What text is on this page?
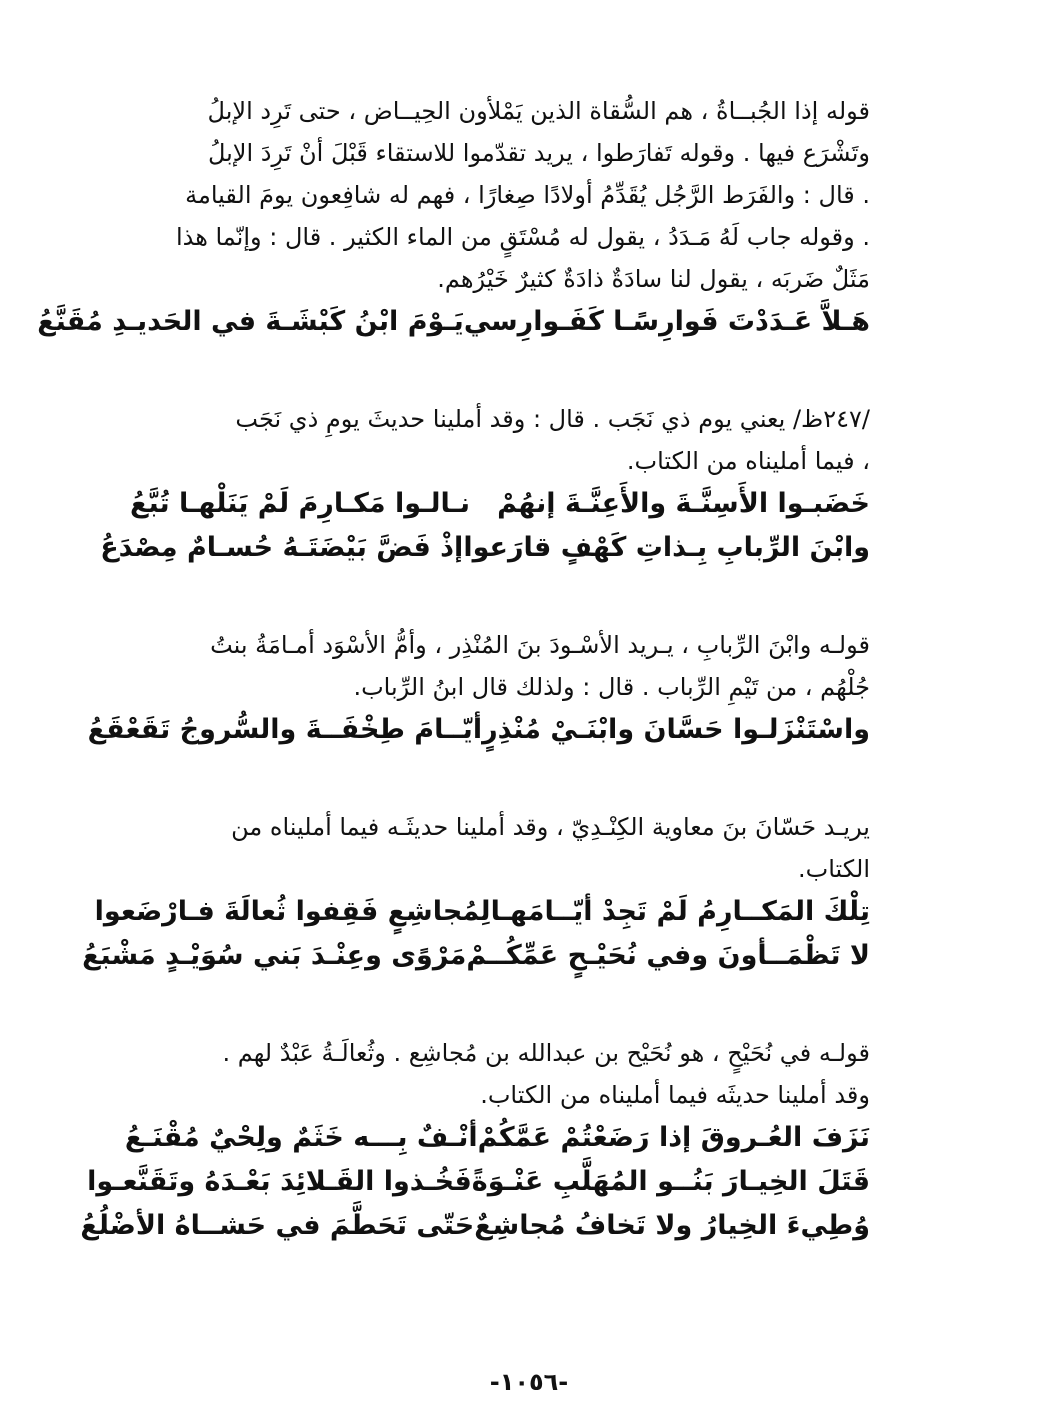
قوله إذا الجُبــاةُ ، هم السُّقاة الذين يَمْلأون الحِيــاض ، حتى تَرِد الإبلُ

وتَشْرَع فيها . وقوله تَفارَطوا ، يريد تقدّموا للاستقاء قَبْلَ أنْ تَرِدَ الإبلُ

. قال : والفَرَط الرَّجُل يُقَدِّمُ أولادًا صِغارًا ، فهم له شافِعون يومَ القيامة

. وقوله جاب لَهُ مَـدَدُ ، يقول له مُسْتَقٍ من الماء الكثير . قال : وإنّما هذا

مَثَلٌ ضَربَه ، يقول لنا سادَةٌ ذادَةٌ كثيرٌ خَيْرُهم.

هَـلاَّ عَـدَدْتَ فَوارِسًـا كَفَـوارِسي
يَـوْمَ ابْنُ كَبْشَـةَ في الحَديـدِ مُقَنَّعُ

/٢٤٧ظ/ يعني يوم ذي نَجَب . قال : وقد أملينا حديثَ يومِ ذي نَجَب

، فيما أمليناه من الكتاب.

خَضَبـوا الأَسِنَّـةَ والأَعِنَّـةَ إنهُمْ
نـالـوا مَكـارِمَ لَمْ يَنَلْهـا تُبَّعُ
وابْنَ الرِّبابِ بِـذاتِ كَهْفٍ قارَعوا
إذْ فَضَّ بَيْضَتَـهُ حُسـامٌ مِصْدَعُ

قولـه وابْنَ الرِّبابِ ، يـريد الأسْـودَ بنَ المُنْذِر ، وأمُّ الأسْوَد أمـامَةُ بنتُ

جُلْهُم ، من تَيْمِ الرِّباب . قال : ولذلك قال ابنُ الرِّباب.

واسْتَنْزَلـوا حَسَّانَ وابْنَـيْ مُنْذِرٍ
أيّــامَ طِخْفَــةَ والسُّروجُ تَقَعْقَعُ

يريـد حَسّانَ بنَ معاوية الكِنْـدِيّ ، وقد أملينا حديثَـه فيما أمليناه من

الكتاب.

تِلْكَ المَكــارِمُ لَمْ تَجِدْ أيّــامَهـا
لِمُجاشِعٍ فَقِفوا ثُعالَةَ فـارْضَعوا
لا تَظْمَــأونَ وفي نُحَيْـحٍ عَمِّكُــمْ
مَرْوًى وعِنْـدَ بَني سُوَيْـدٍ مَشْبَعُ

قولـه في نُحَيْحٍ ، هو نُحَيْح بن عبدالله بن مُجاشِع . وثُعالَـةُ عَبْدٌ لهم .

وقد أملينا حديثَه فيما أمليناه من الكتاب.

نَزَفَ العُـروقَ إذا رَضَعْتُمْ عَمَّكُمْ
أنْـفٌ بِـــه خَثَمٌ ولِحْيٌ مُقْنَـعُ
قَتَلَ الخِيـارَ بَنُــو المُهَلَّبِ عَنْـوَةً
فَخُـذوا القَـلائِدَ بَعْـدَهُ وتَقَنَّعـوا
وُطِيءَ الخِيارُ ولا تَخافُ مُجاشِعٌ
حَتّى تَحَطَّمَ في حَشــاهُ الأضْلُعُ
-١٠٥٦-
